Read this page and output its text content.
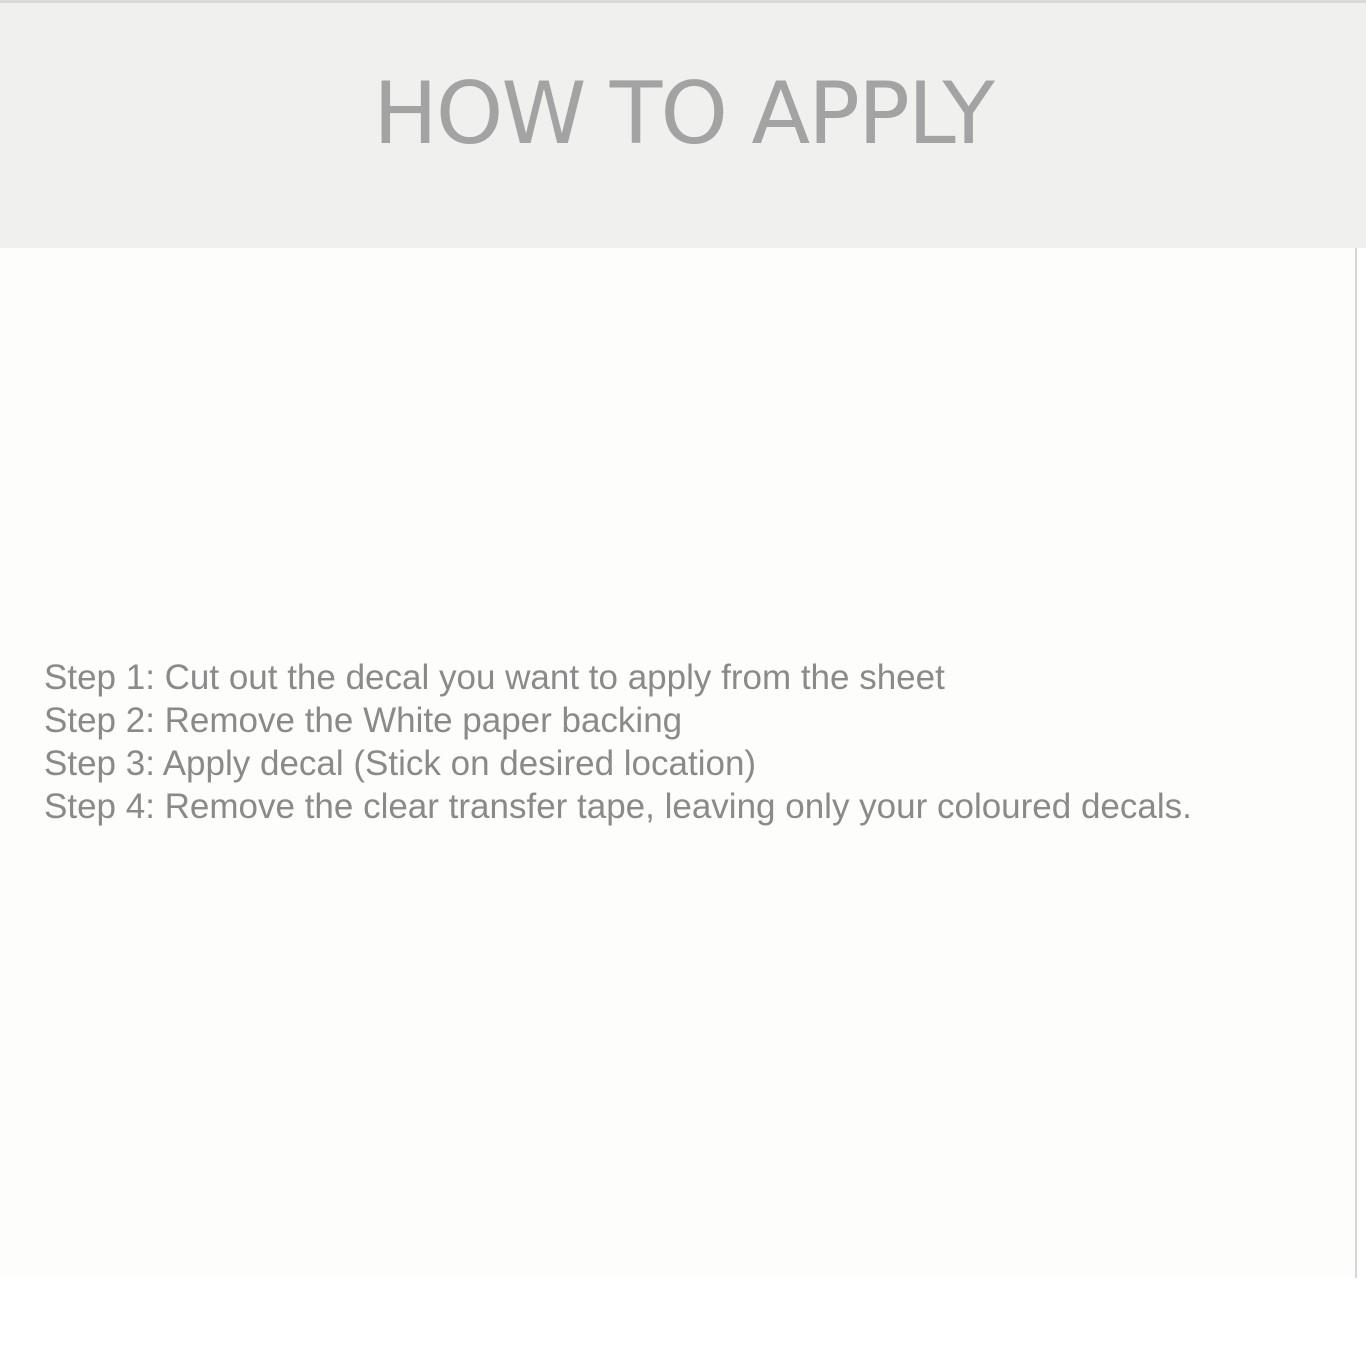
HOW TO APPLY
Step 1: Cut out the decal you want to apply from the sheet
Step 2: Remove the White paper backing
Step 3: Apply decal (Stick on desired location)
Step 4: Remove the clear transfer tape, leaving only your coloured decals.
